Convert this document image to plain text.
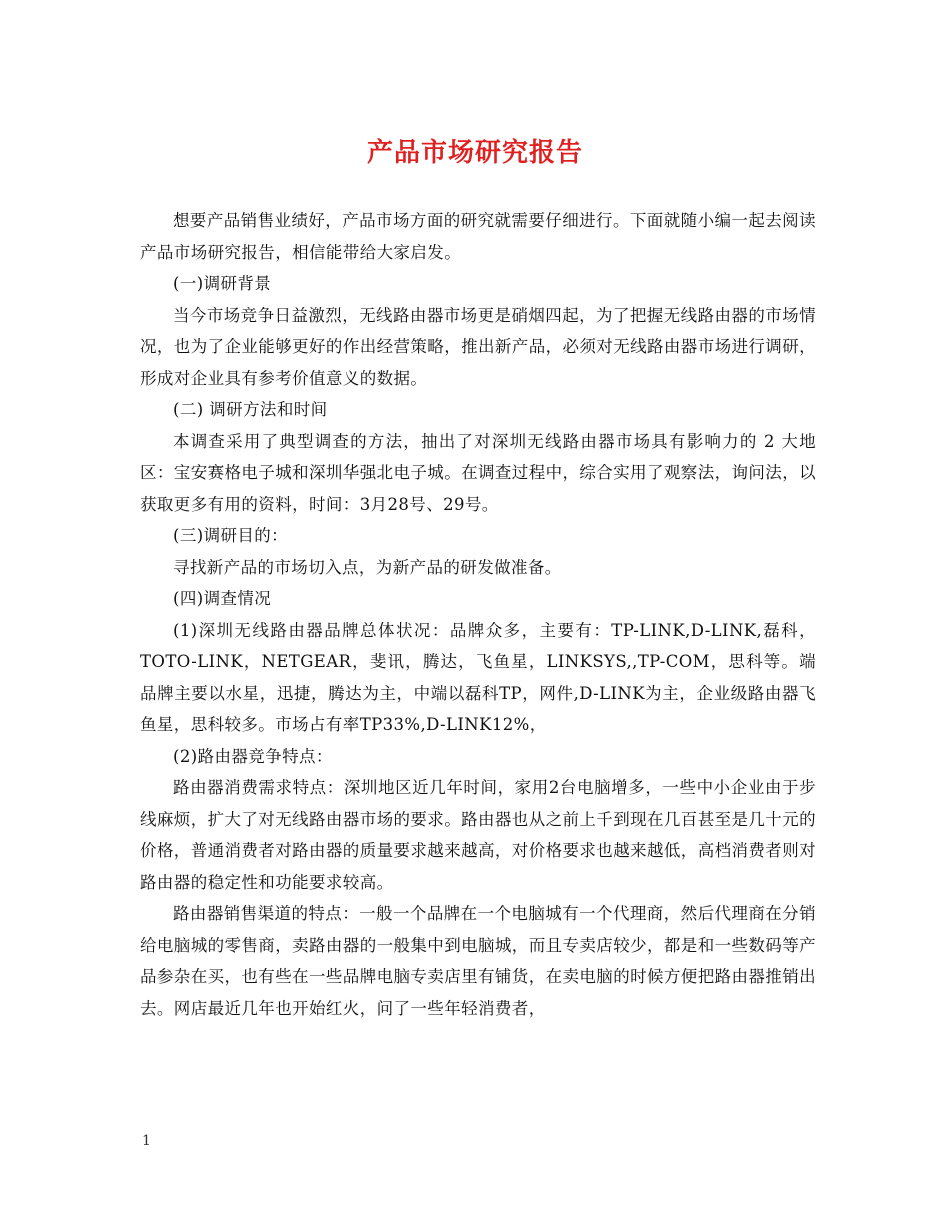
产品市场研究报告

想要产品销售业绩好，产品市场方面的研究就需要仔细进行。下面就随小编一起去阅读产品市场研究报告，相信能带给大家启发。

(一)调研背景

当今市场竞争日益激烈，无线路由器市场更是硝烟四起，为了把握无线路由器的市场情况，也为了企业能够更好的作出经营策略，推出新产品，必须对无线路由器市场进行调研，形成对企业具有参考价值意义的数据。

(二) 调研方法和时间

本调查采用了典型调查的方法，抽出了对深圳无线路由器市场具有影响力的 2 大地区：宝安赛格电子城和深圳华强北电子城。在调查过程中，综合实用了观察法，询问法，以获取更多有用的资料，时间：3月28号、29号。

(三)调研目的：

寻找新产品的市场切入点，为新产品的研发做准备。

(四)调查情况

(1)深圳无线路由器品牌总体状况：品牌众多，主要有：TP-LINK,D-LINK,磊科，TOTO-LINK，NETGEAR，斐讯，腾达，飞鱼星，LINKSYS,,TP-COM，思科等。端品牌主要以水星，迅捷，腾达为主，中端以磊科TP，网件,D-LINK为主，企业级路由器飞鱼星，思科较多。市场占有率TP33%,D-LINK12%，

(2)路由器竞争特点：

路由器消费需求特点：深圳地区近几年时间，家用2台电脑增多，一些中小企业由于步线麻烦，扩大了对无线路由器市场的要求。路由器也从之前上千到现在几百甚至是几十元的价格，普通消费者对路由器的质量要求越来越高，对价格要求也越来越低，高档消费者则对路由器的稳定性和功能要求较高。

路由器销售渠道的特点：一般一个品牌在一个电脑城有一个代理商，然后代理商在分销给电脑城的零售商，卖路由器的一般集中到电脑城，而且专卖店较少，都是和一些数码等产品参杂在买，也有些在一些品牌电脑专卖店里有铺货，在卖电脑的时候方便把路由器推销出去。网店最近几年也开始红火，问了一些年轻消费者，

1
